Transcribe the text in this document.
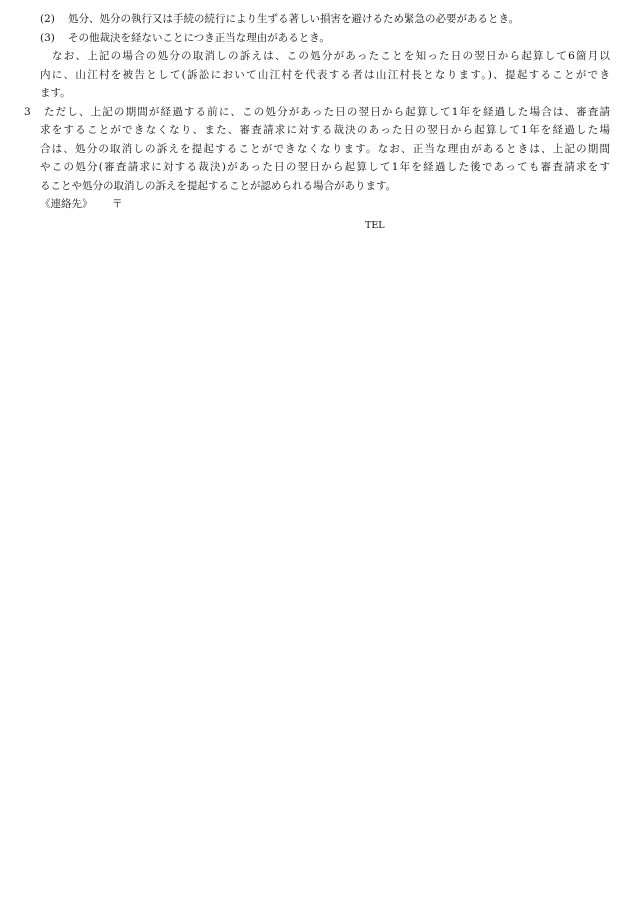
(2) 処分、処分の執行又は手続の続行により生ずる著しい損害を避けるため緊急の必要があるとき。
(3) その他裁決を経ないことにつき正当な理由があるとき。
なお、上記の場合の処分の取消しの訴えは、この処分があったことを知った日の翌日から起算して6箇月以
内に、山江村を被告として(訴訟において山江村を代表する者は山江村長となります。)、提起することができ
ます。
3 ただし、上記の期間が経過する前に、この処分があった日の翌日から起算して1年を経過した場合は、審査請
求をすることができなくなり、また、審査請求に対する裁決のあった日の翌日から起算して1年を経過した場
合は、処分の取消しの訴えを提起することができなくなります。なお、正当な理由があるときは、上記の期間
やこの処分(審査請求に対する裁決)があった日の翌日から起算して1年を経過した後であっても審査請求をす
ることや処分の取消しの訴えを提起することが認められる場合があります。
《連絡先》 〒
TEL
